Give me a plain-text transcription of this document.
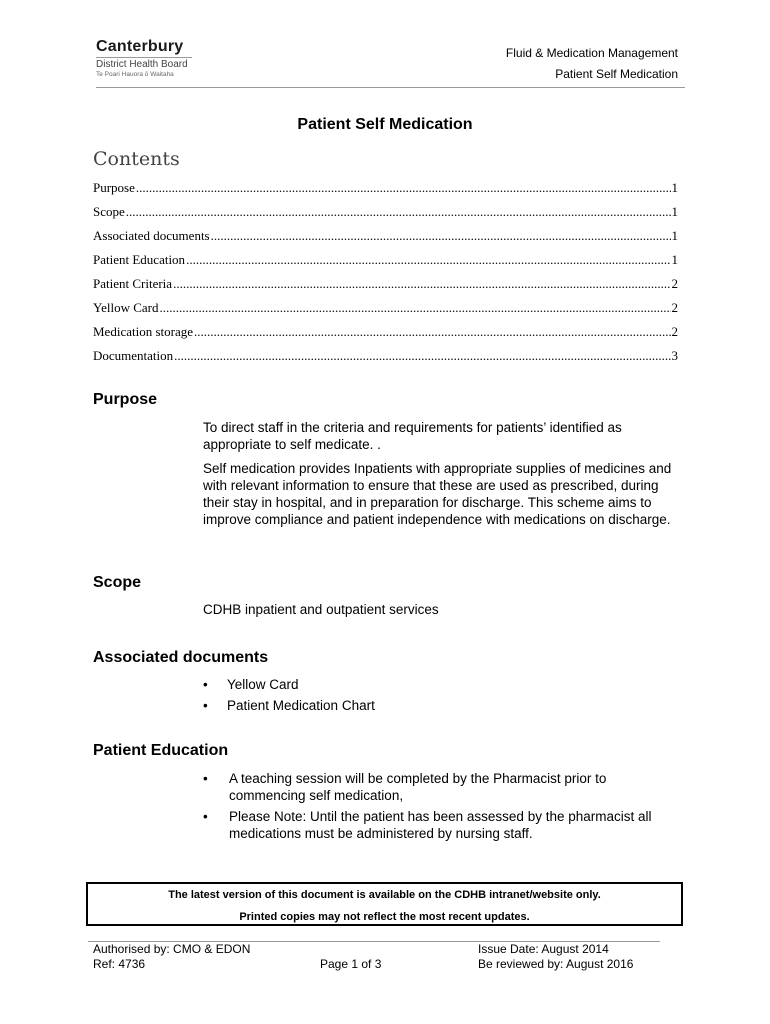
Canterbury
District Health Board
Te Poari Hauora ō Waitaha
Fluid & Medication Management
Patient Self Medication
Patient Self Medication
Contents
Purpose .....	1
Scope .....	1
Associated documents .....	1
Patient Education .....	1
Patient Criteria .....	2
Yellow Card .....	2
Medication storage .....	2
Documentation .....	3
Purpose

To direct staff in the criteria and requirements for patients’ identified as appropriate to self medicate. .

Self medication provides Inpatients with appropriate supplies of medicines and with relevant information to ensure that these are used as prescribed, during their stay in hospital, and in preparation for discharge. This scheme aims to improve compliance and patient independence with medications on discharge.

Scope
CDHB inpatient and outpatient services
Associated documents
• Yellow Card
• Patient Medication Chart
Patient Education
• A teaching session will be completed by the Pharmacist prior to commencing self medication,
• Please Note: Until the patient has been assessed by the pharmacist all medications must be administered by nursing staff.
The latest version of this document is available on the CDHB intranet/website only.
Printed copies may not reflect the most recent updates.
Authorised by: CMO & EDON
Ref: 4736	Page 1 of 3
Issue Date: August 2014
Be reviewed by: August 2016
